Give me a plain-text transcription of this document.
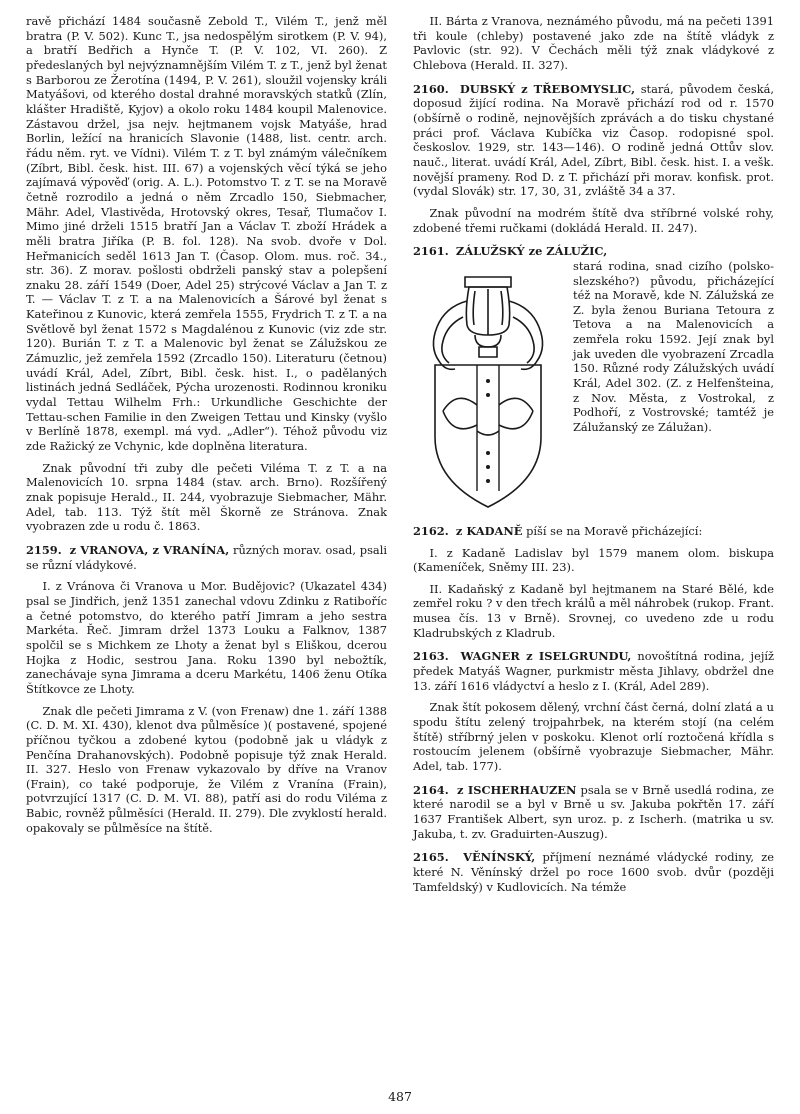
ravě přichází 1484 současně Zebold T., Vilém T., jenž měl bratra (P. V. 502). Kunc T., jsa nedospělým sirotkem (P. V. 94), a bratří Bedřich a Hynče T. (P. V. 102, VI. 260). Z předeslaných byl nejvýznamnějším Vilém T. z T., jenž byl ženat s Barborou ze Žerotína (1494, P. V. 261), sloužil vojensky králi Matyášovi, od kterého dostal drahné moravských statků (Zlín, klášter Hradiště, Kyjov) a okolo roku 1484 koupil Malenovice. Zástavou držel, jsa nejv. hejtmanem vojsk Matyáše, hrad Borlin, ležící na hranicích Slavonie (1488, list. centr. arch. řádu něm. ryt. ve Vídni). Vilém T. z T. byl známým válečníkem (Zíbrt, Bibl. česk. hist. III. 67) a vojenských věcí týká se jeho zajímavá výpověď (orig. A. L.). Potomstvo T. z T. se na Moravě četně rozrodilo a jedná o něm Zrcadlo 150, Siebmacher, Mähr. Adel, Vlastivěda, Hrotovský okres, Tesař, Tlumačov I. Mimo jiné drželi 1515 bratří Jan a Václav T. zboží Hrádek a měli bratra Jiříka (P. B. fol. 128). Na svob. dvoře v Dol. Heřmanicích seděl 1613 Jan T. (Časop. Olom. mus. roč. 34., str. 36). Z morav. pošlosti obdrželi panský stav a polepšení znaku 28. září 1549 (Doer, Adel 25) strýcové Václav a Jan T. z T. — Václav T. z T. a na Malenovicích a Šárové byl ženat s Kateřinou z Kunovic, která zemřela 1555, Frydrich T. z T. a na Světlově byl ženat 1572 s Magdalénou z Kunovic (viz zde str. 120). Burián T. z T. a Malenovic byl ženat se Zálužskou ze Zámuzlic, jež zemřela 1592 (Zrcadlo 150). Literaturu (četnou) uvádí Král, Adel, Zíbrt, Bibl. česk. hist. I., o padělaných listinách jedná Sedláček, Pýcha urozenosti. Rodinnou kroniku vydal Tettau Wilhelm Frh.: Urkundliche Geschichte der Tettau-schen Familie in den Zweigen Tettau und Kinsky (vyšlo v Berlíně 1878, exempl. má vyd. „Adler“). Téhož původu viz zde Ražický ze Vchynic, kde doplněna literatura.

Znak původní tři zuby dle pečeti Viléma T. z T. a na Malenovicích 10. srpna 1484 (stav. arch. Brno). Rozšířený znak popisuje Herald., II. 244, vyobrazuje Siebmacher, Mähr. Adel, tab. 113. Týž štít měl Škorně ze Stránova. Znak vyobrazen zde u rodu č. 1863.

2159. z VRANOVA, z VRANÍNA, různých morav. osad, psali se různí vládykové.

I. z Vránova či Vranova u Mor. Budějovic? (Ukazatel 434) psal se Jindřich, jenž 1351 zanechal vdovu Zdinku z Ratiboříc a četné potomstvo, do kterého patří Jimram a jeho sestra Markéta. Řeč. Jimram držel 1373 Louku a Falknov, 1387 spolčil se s Michkem ze Lhoty a ženat byl s Eliškou, dcerou Hojka z Hodic, sestrou Jana. Roku 1390 byl nebožtík, zanechávaje syna Jimrama a dceru Markétu, 1406 ženu Otíka Štítkovce ze Lhoty.

Znak dle pečeti Jimrama z V. (von Frenaw) dne 1. září 1388 (C. D. M. XI. 430), klenot dva půlměsíce )( postavené, spojené příčnou tyčkou a zdobené kytou (podobně jak u vládyk z Penčína Drahanovských). Podobně popisuje týž znak Herald. II. 327. Heslo von Frenaw vykazovalo by dříve na Vranov (Frain), co také podporuje, že Vilém z Vranína (Frain), potvrzující 1317 (C. D. M. VI. 88), patří asi do rodu Viléma z Babic, rovněž půlměsíci (Herald. II. 279). Dle zvyklostí herald. opakovaly se půlměsíce na štítě.

II. Bárta z Vranova, neznámého původu, má na pečeti 1391 tři koule (chleby) postavené jako zde na štítě vládyk z Pavlovic (str. 92). V Čechách měli týž znak vládykové z Chlebova (Herald. II. 327).

2160. DUBSKÝ z TŘEBOMYSLIC, stará, původem česká, doposud žijící rodina. Na Moravě přichází rod od r. 1570 (obšírně o rodině, nejnovějších zprávách a do tisku chystané práci prof. Václava Kubíčka viz Časop. rodopisné spol. českoslov. 1929, str. 143—146). O rodině jedná Ottův slov. nauč., literat. uvádí Král, Adel, Zíbrt, Bibl. česk. hist. I. a vešk. novější prameny. Rod D. z T. přichází při morav. konfisk. prot. (vydal Slovák) str. 17, 30, 31, zvláště 34 a 37.

Znak původní na modrém štítě dva stříbrné volské rohy, zdobené třemi ručkami (dokládá Herald. II. 247).

2161. ZÁLUŽSKÝ ze ZÁLUŽIC,

stará rodina, snad cizího (polsko-slezského?) původu, přicházející též na Moravě, kde N. Zálužská ze Z. byla ženou Buriana Tetoura z Tetova a na Malenovicích a zemřela roku 1592. Její znak byl jak uveden dle vyobrazení Zrcadla 150. Různé rody Zálužských uvádí Král, Adel 302. (Z. z Helfenšteina, z Nov. Města, z Vostrokal, z Podhoří, z Vostrovské; tamtéž je Zálužanský ze Zálužan).

2162. z KADANĚ píší se na Moravě přicházející:

I. z Kadaně Ladislav byl 1579 manem olom. biskupa (Kameníček, Sněmy III. 23).

II. Kadaňský z Kadaně byl hejtmanem na Staré Bělé, kde zemřel roku ? v den třech králů a měl náhrobek (rukop. Frant. musea čís. 13 v Brně). Srovnej, co uvedeno zde u rodu Kladrubských z Kladrub.

2163. WAGNER z ISELGRUNDU, novoštítná rodina, jejíž předek Matyáš Wagner, purkmistr města Jihlavy, obdržel dne 13. září 1616 vládyctví a heslo z I. (Král, Adel 289).

Znak štít pokosem dělený, vrchní část černá, dolní zlatá a u spodu štítu zelený trojpahrbek, na kterém stojí (na celém štítě) stříbrný jelen v poskoku. Klenot orlí roztočená křídla s rostoucím jelenem (obšírně vyobrazuje Siebmacher, Mähr. Adel, tab. 177).

2164. z ISCHERHAUZEN psala se v Brně usedlá rodina, ze které narodil se a byl v Brně u sv. Jakuba pokřtěn 17. září 1637 František Albert, syn uroz. p. z Ischerh. (matrika u sv. Jakuba, t. zv. Graduirten-Auszug).

2165. VĚNÍNSKÝ, příjmení neznámé vládycké rodiny, ze které N. Věnínský držel po roce 1600 svob. dvůr (později Tamfeldský) v Kudlovicích. Na témže

487
